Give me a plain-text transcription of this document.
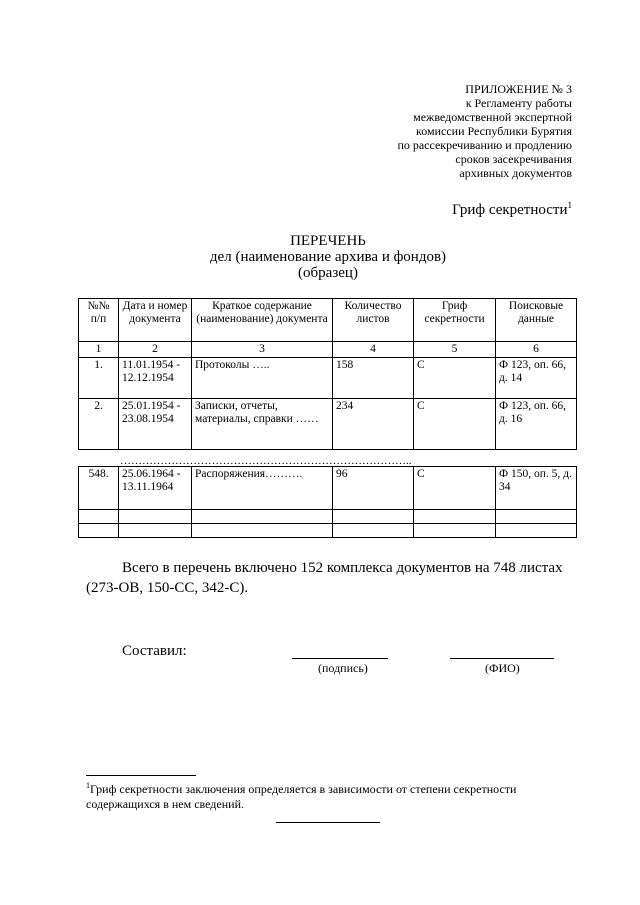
ПРИЛОЖЕНИЕ № 3
к Регламенту работы
межведомственной экспертной
комиссии Республики Бурятия
по рассекречиванию и продлению
сроков засекречивания
архивных документов
Гриф секретности$^1$
ПЕРЕЧЕНЬ
дел (наименование архива и фондов)
(образец)
№№ п/п	Дата и номер документа	Краткое содержание (наименование) документа	Количество листов	Гриф секретности	Поисковые данные
1	2	3	4	5	6
1.	11.01.1954 - 12.12.1954	Протоколы …..	158	С	Ф 123, оп. 66, д. 14
2.	25.01.1954 - 23.08.1954	Записки, отчеты, материалы, справки ……	234	С	Ф 123, оп. 66, д. 16
……………………………………………………………………..
548.	25.06.1964 - 13.11.1964	Распоряжения……….	96	С	Ф 150, оп. 5, д. 34

Всего в перечень включено 152 комплекса документов на 748 листах (273-ОВ, 150-СС, 342-С).
Составил:
(подпись)	(ФИО)
$^1$Гриф секретности заключения определяется в зависимости от степени секретности содержащихся в нем сведений.
